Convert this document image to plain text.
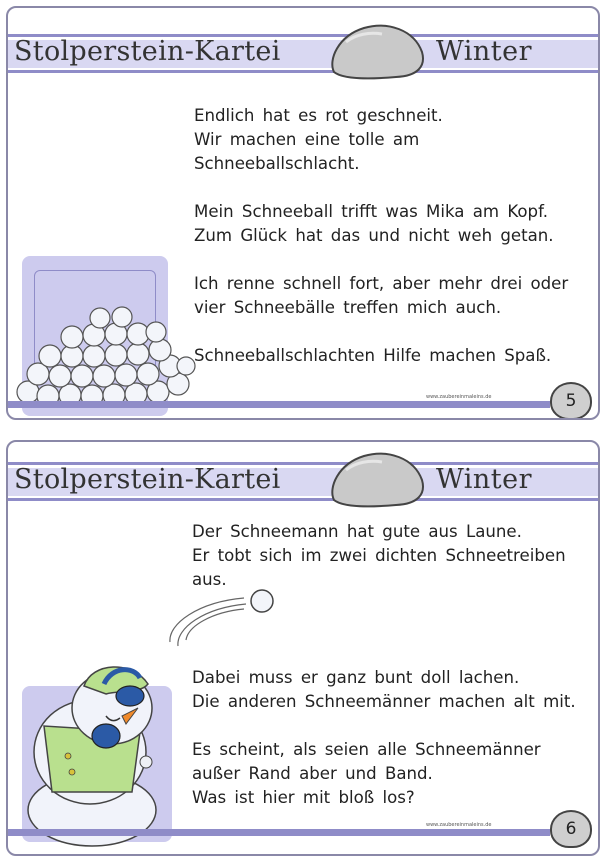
Stolperstein-Kartei	Winter
Endlich hat es rot geschneit.
Wir machen eine tolle am
Schneeballschlacht.
Mein Schneeball trifft was Mika am Kopf.
Zum Glück hat das und nicht weh getan.
Ich renne schnell fort, aber mehr drei oder
vier Schneebälle treffen mich auch.
Schneeballschlachten Hilfe machen Spaß.
www.zaubereinmaleins.de	5
Stolperstein-Kartei	Winter
Der Schneemann hat gute aus Laune.
Er tobt sich im zwei dichten Schneetreiben
aus.
Dabei muss er ganz bunt doll lachen.
Die anderen Schneemänner machen alt mit.
Es scheint, als seien alle Schneemänner
außer Rand aber und Band.
Was ist hier mit bloß los?
www.zaubereinmaleins.de	6
